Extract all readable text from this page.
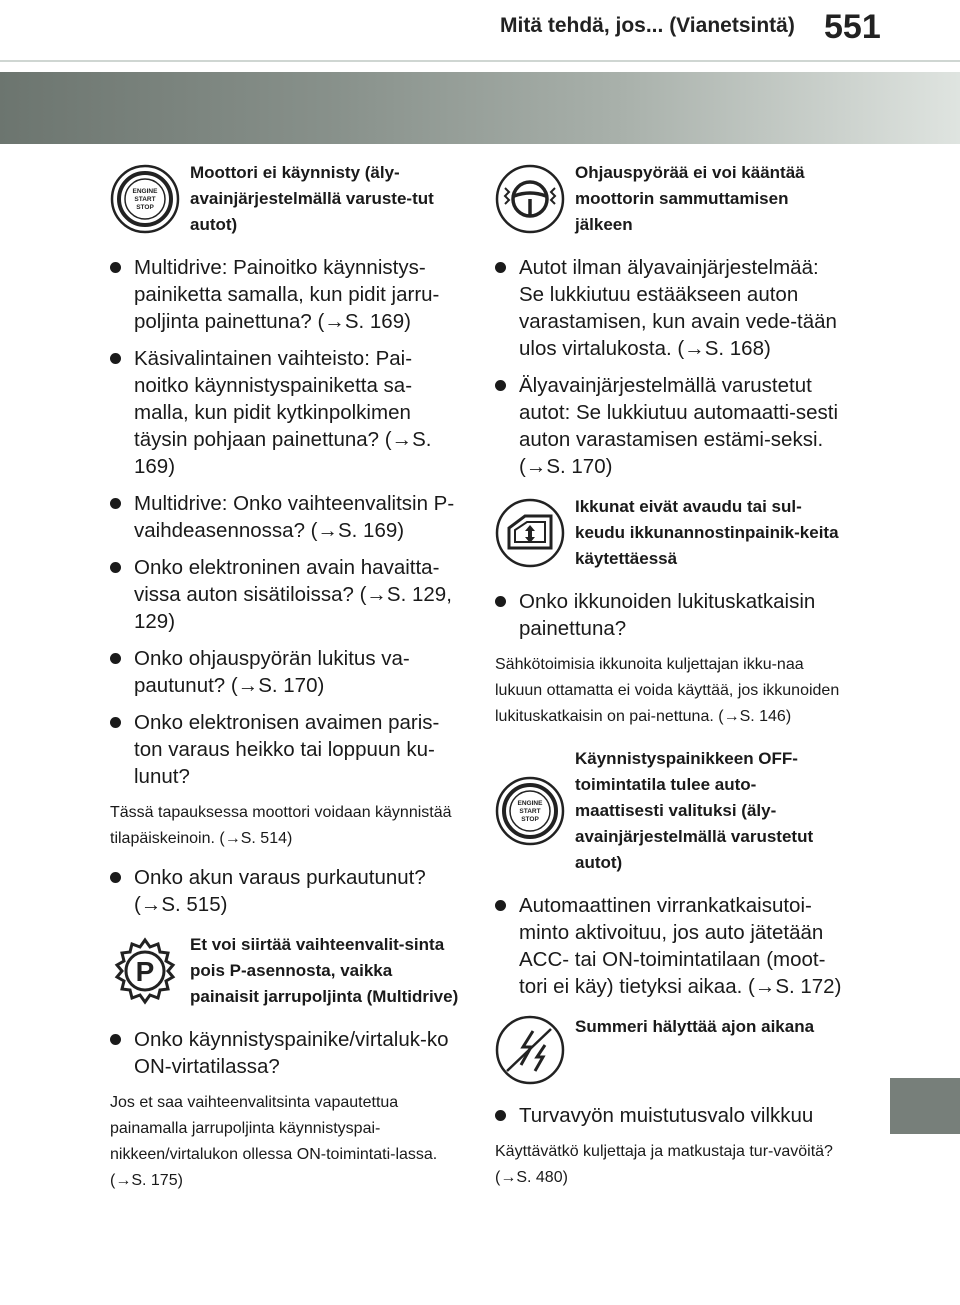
Mitä tehdä, jos... (Vianetsintä) 551
ENGINE
START
STOP
Moottori ei käynnisty (äly-avainjärjestelmällä varuste-tut autot)
Multidrive: Painoitko käynnistys-painiketta samalla, kun pidit jarru-poljinta painettuna? (→S. 169)
Käsivalintainen vaihteisto: Pai-noitko käynnistyspainiketta sa-malla, kun pidit kytkinpolkimen täysin pohjaan painettuna? (→S. 169)
Multidrive: Onko vaihteenvalitsin P-vaihdeasennossa? (→S. 169)
Onko elektroninen avain havaitta-vissa auton sisätiloissa? (→S. 129, 129)
Onko ohjauspyörän lukitus va-pautunut? (→S. 170)
Onko elektronisen avaimen paris-ton varaus heikko tai loppuun ku-lunut?
Tässä tapauksessa moottori voidaan käynnistää tilapäiskeinoin. (→S. 514)
Onko akun varaus purkautunut? (→S. 515)
P
Et voi siirtää vaihteenvalit-sinta pois P-asennosta, vaikka painaisit jarrupoljinta (Multidrive)
Onko käynnistyspainike/virtaluk-ko ON-virtatilassa?
Jos et saa vaihteenvalitsinta vapautettua painamalla jarrupoljinta käynnistyspai-nikkeen/virtalukon ollessa ON-toimintati-lassa. (→S. 175)
Ohjauspyörää ei voi kääntää moottorin sammuttamisen jälkeen
Autot ilman älyavainjärjestelmää: Se lukkiutuu estääkseen auton varastamisen, kun avain vede-tään ulos virtalukosta. (→S. 168)
Älyavainjärjestelmällä varustetut autot: Se lukkiutuu automaatti-sesti auton varastamisen estämi-seksi. (→S. 170)
Ikkunat eivät avaudu tai sul-keudu ikkunannostinpainik-keita käytettäessä
Onko ikkunoiden lukituskatkaisin painettuna?
Sähkötoimisia ikkunoita kuljettajan ikku-naa lukuun ottamatta ei voida käyttää, jos ikkunoiden lukituskatkaisin on pai-nettuna. (→S. 146)
ENGINE
START
STOP
Käynnistyspainikkeen OFF-toimintatila tulee auto-maattisesti valituksi (äly-avainjärjestelmällä varustetut autot)
Automaattinen virrankatkaisutoi-minto aktivoituu, jos auto jätetään ACC- tai ON-toimintatilaan (moot-tori ei käy) tietyksi aikaa. (→S. 172)
Summeri hälyttää ajon aikana
Turvavyön muistutusvalo vilkkuu
Käyttävätkö kuljettaja ja matkustaja tur-vavöitä? (→S. 480)
